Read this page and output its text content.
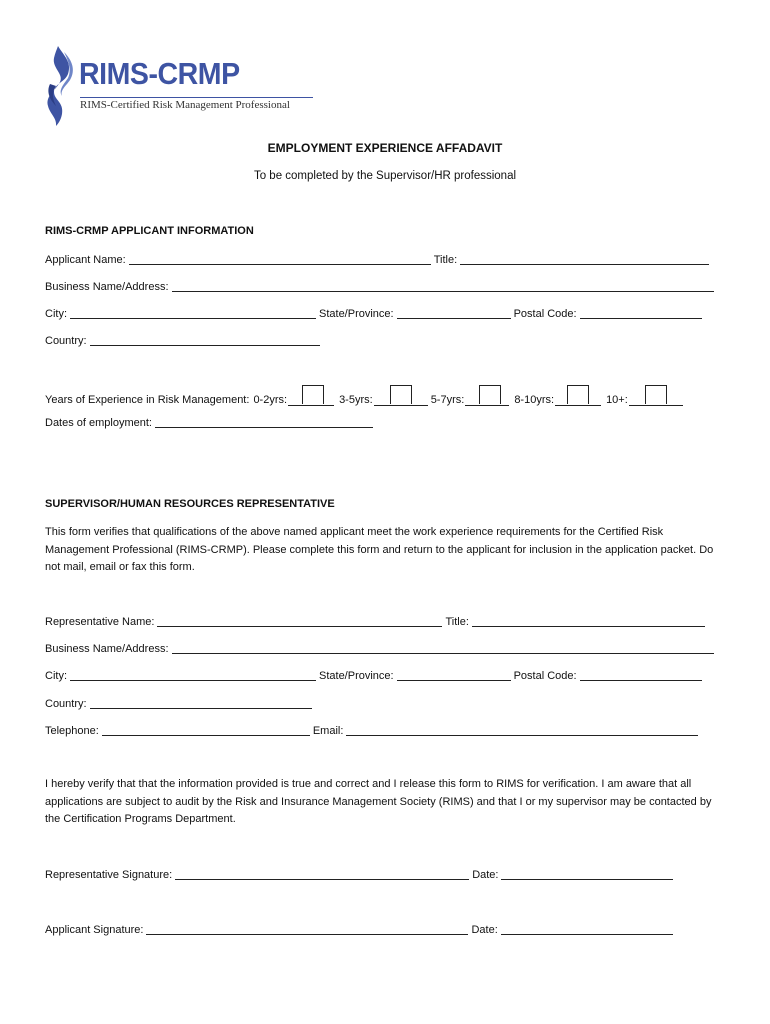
RIMS-CRMP
RIMS-Certified Risk Management Professional
EMPLOYMENT EXPERIENCE AFFADAVIT
To be completed by the Supervisor/HR professional
RIMS-CRMP APPLICANT INFORMATION
Applicant Name:	Title:
Business Name/Address:
City:	State/Province:	Postal Code:
Country:
Years of Experience in Risk Management: 0-2yrs:	3-5yrs:	5-7yrs:	8-10yrs:	10+:
Dates of employment:
SUPERVISOR/HUMAN RESOURCES REPRESENTATIVE
This form verifies that qualifications of the above named applicant meet the work experience requirements for the Certified Risk Management Professional (RIMS-CRMP). Please complete this form and return to the applicant for inclusion in the application packet. Do not mail, email or fax this form.
Representative Name:	Title:
Business Name/Address:
City:	State/Province:	Postal Code:
Country:
Telephone:	Email:
I hereby verify that that the information provided is true and correct and I release this form to RIMS for verification. I am aware that all applications are subject to audit by the Risk and Insurance Management Society (RIMS) and that I or my supervisor may be contacted by the Certification Programs Department.
Representative Signature:	Date:
Applicant Signature:	Date:
